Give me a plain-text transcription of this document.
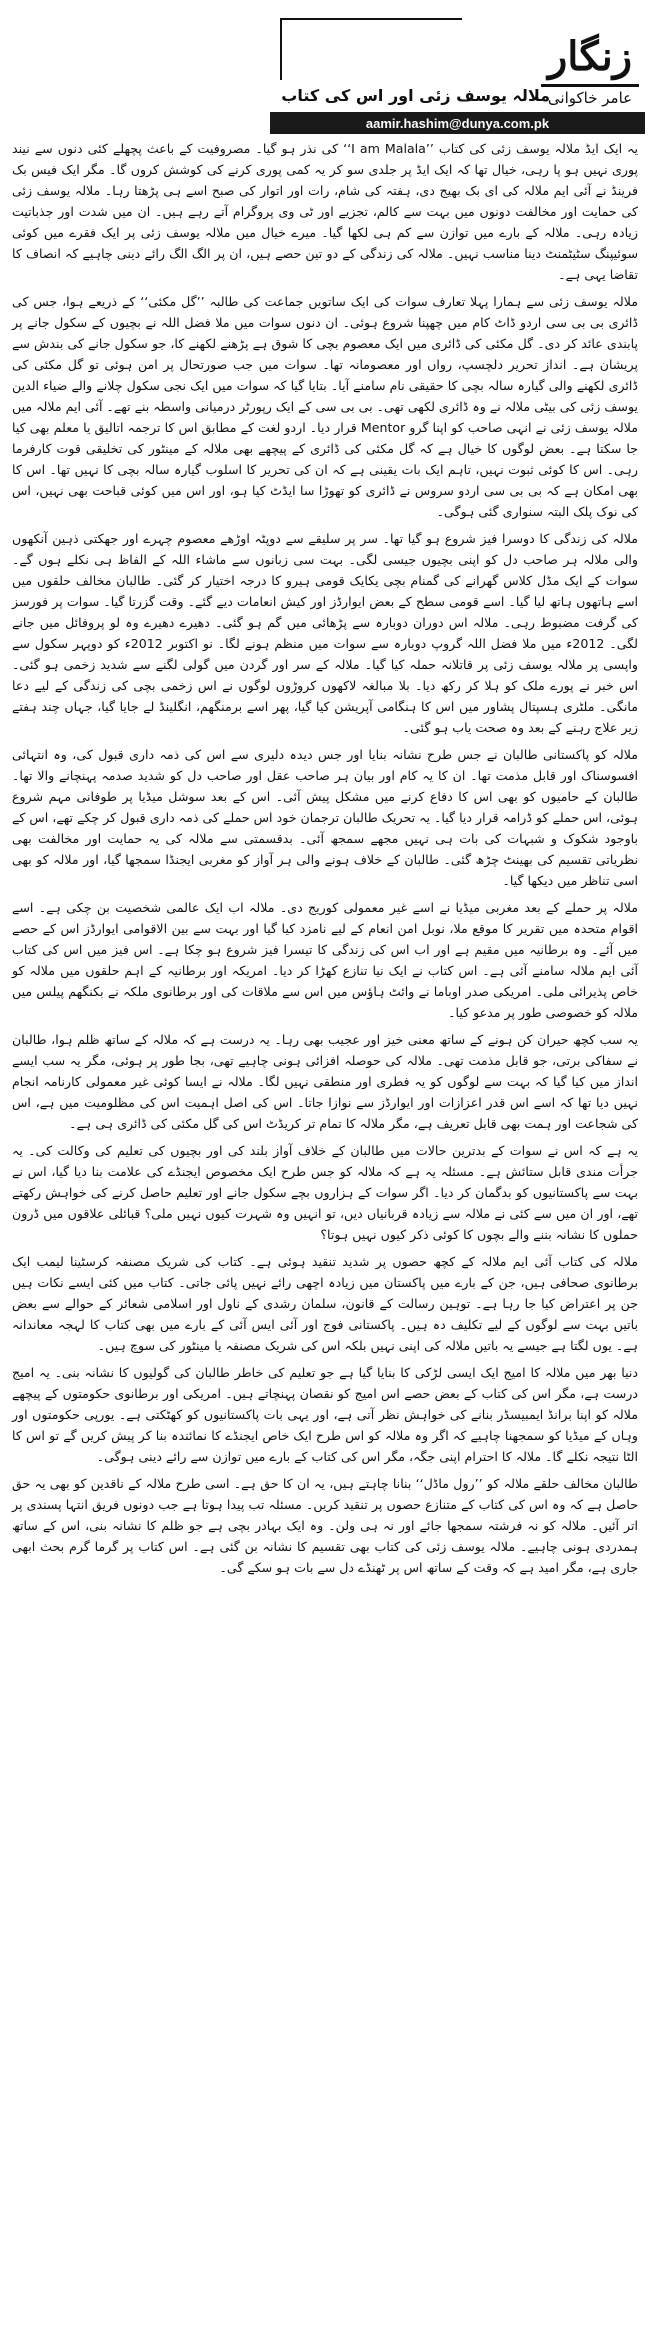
زنگار
عامر خاکوانی
ملالہ یوسف زئی اور اس کی کتاب
aamir.hashim@dunya.com.pk

یہ ایک ایڈ ملالہ یوسف زئی کی کتاب ’’I am Malala‘‘ کی نذر ہو گیا۔ مصروفیت کے باعث پچھلے کئی دنوں سے نیند پوری نہیں ہو پا رہی، خیال تھا کہ ایک ایڈ پر جلدی سو کر یہ کمی پوری کرنے کی کوشش کروں گا۔ مگر ایک فیس بک فرینڈ نے آئی ایم ملالہ کی ای بک بھیج دی، ہفتہ کی شام، رات اور اتوار کی صبح اسے ہی پڑھتا رہا۔ ملالہ یوسف زئی کی حمایت اور مخالفت دونوں میں بہت سے کالم، تجزیے اور ٹی وی پروگرام آتے رہے ہیں۔ ان میں شدت اور جذباتیت زیادہ رہی۔ ملالہ کے بارے میں توازن سے کم ہی لکھا گیا۔ میرے خیال میں ملالہ یوسف زئی پر ایک فقرے میں کوئی سوئیپنگ سٹیٹمنٹ دینا مناسب نہیں۔ ملالہ کی زندگی کے دو تین حصے ہیں، ان پر الگ الگ رائے دینی چاہیے کہ انصاف کا تقاضا یہی ہے۔

ملالہ یوسف زئی سے ہمارا پہلا تعارف سوات کی ایک ساتویں جماعت کی طالبہ ’’گل مکئی‘‘ کے ذریعے ہوا، جس کی ڈائری بی بی سی اردو ڈاٹ کام میں چھپنا شروع ہوئی۔ ان دنوں سوات میں ملا فضل اللہ نے بچیوں کے سکول جانے پر پابندی عائد کر دی۔ گل مکئی کی ڈائری میں ایک معصوم بچی کا شوق ہے پڑھنے لکھنے کا، جو سکول جانے کی بندش سے پریشان ہے۔ انداز تحریر دلچسپ، رواں اور معصومانہ تھا۔ سوات میں جب صورتحال پر امن ہوئی تو گل مکئی کی ڈائری لکھنے والی گیارہ سالہ بچی کا حقیقی نام سامنے آیا۔ بتایا گیا کہ سوات میں ایک نجی سکول چلانے والے ضیاء الدین یوسف زئی کی بیٹی ملالہ نے وہ ڈائری لکھی تھی۔ بی بی سی کے ایک رپورٹر درمیانی واسطہ بنے تھے۔ آئی ایم ملالہ میں ملالہ یوسف زئی نے انہی صاحب کو اپنا گرو Mentor قرار دیا۔ اردو لغت کے مطابق اس کا ترجمہ اتالیق یا معلم بھی کیا جا سکتا ہے۔ بعض لوگوں کا خیال ہے کہ گل مکئی کی ڈائری کے پیچھے بھی ملالہ کے مینٹور کی تخلیقی قوت کارفرما رہی۔ اس کا کوئی ثبوت نہیں، تاہم ایک بات یقینی ہے کہ ان کی تحریر کا اسلوب گیارہ سالہ بچی کا نہیں تھا۔ اس کا بھی امکان ہے کہ بی بی سی اردو سروس نے ڈائری کو تھوڑا سا ایڈٹ کیا ہو، اور اس میں کوئی قباحت بھی نہیں، اس کی نوک پلک البتہ سنواری گئی ہوگی۔

ملالہ کی زندگی کا دوسرا فیز شروع ہو گیا تھا۔ سر پر سلیقے سے دوپٹہ اوڑھے معصوم چہرے اور جھکتی ذہین آنکھوں والی ملالہ ہر صاحب دل کو اپنی بچیوں جیسی لگی۔ بہت سی زبانوں سے ماشاء اللہ کے الفاظ ہی نکلے ہوں گے۔ سوات کے ایک مڈل کلاس گھرانے کی گمنام بچی یکایک قومی ہیرو کا درجہ اختیار کر گئی۔ طالبان مخالف حلقوں میں اسے ہاتھوں ہاتھ لیا گیا۔ اسے قومی سطح کے بعض ایوارڈز اور کیش انعامات دیے گئے۔ وقت گزرتا گیا۔ سوات پر فورسز کی گرفت مضبوط رہی۔ ملالہ اس دوران دوبارہ سے پڑھائی میں گم ہو گئی۔ دھیرے دھیرے وہ لو پروفائل میں جانے لگی۔ 2012ء میں ملا فضل اللہ گروپ دوبارہ سے سوات میں منظم ہونے لگا۔ نو اکتوبر 2012ء کو دوپہر سکول سے واپسی پر ملالہ یوسف زئی پر قاتلانہ حملہ کیا گیا۔ ملالہ کے سر اور گردن میں گولی لگنے سے شدید زخمی ہو گئی۔ اس خبر نے پورے ملک کو ہلا کر رکھ دیا۔ بلا مبالغہ لاکھوں کروڑوں لوگوں نے اس زخمی بچی کی زندگی کے لیے دعا مانگی۔ ملٹری ہسپتال پشاور میں اس کا ہنگامی آپریشن کیا گیا، پھر اسے برمنگھم، انگلینڈ لے جایا گیا، جہاں چند ہفتے زیر علاج رہنے کے بعد وہ صحت یاب ہو گئی۔

ملالہ کو پاکستانی طالبان نے جس طرح نشانہ بنایا اور جس دیدہ دلیری سے اس کی ذمہ داری قبول کی، وہ انتہائی افسوسناک اور قابل مذمت تھا۔ ان کا یہ کام اور بیان ہر صاحب عقل اور صاحب دل کو شدید صدمہ پہنچانے والا تھا۔ طالبان کے حامیوں کو بھی اس کا دفاع کرنے میں مشکل پیش آئی۔ اس کے بعد سوشل میڈیا پر طوفانی مہم شروع ہوئی، اس حملے کو ڈرامہ قرار دیا گیا۔ یہ تحریک طالبان ترجمان خود اس حملے کی ذمہ داری قبول کر چکے تھے، اس کے باوجود شکوک و شبہات کی بات ہی نہیں مجھے سمجھ آئی۔ بدقسمتی سے ملالہ کی یہ حمایت اور مخالفت بھی نظریاتی تقسیم کی بھینٹ چڑھ گئی۔ طالبان کے خلاف ہونے والی ہر آواز کو مغربی ایجنڈا سمجھا گیا، اور ملالہ کو بھی اسی تناظر میں دیکھا گیا۔

ملالہ پر حملے کے بعد مغربی میڈیا نے اسے غیر معمولی کوریج دی۔ ملالہ اب ایک عالمی شخصیت بن چکی ہے۔ اسے اقوام متحدہ میں تقریر کا موقع ملا، نوبل امن انعام کے لیے نامزد کیا گیا اور بہت سے بین الاقوامی ایوارڈز اس کے حصے میں آئے۔ وہ برطانیہ میں مقیم ہے اور اب اس کی زندگی کا تیسرا فیز شروع ہو چکا ہے۔ اس فیز میں اس کی کتاب آئی ایم ملالہ سامنے آئی ہے۔ اس کتاب نے ایک نیا تنازع کھڑا کر دیا۔ امریکہ اور برطانیہ کے اہم حلقوں میں ملالہ کو خاص پذیرائی ملی۔ امریکی صدر اوباما نے وائٹ ہاؤس میں اس سے ملاقات کی اور برطانوی ملکہ نے بکنگھم پیلس میں ملالہ کو خصوصی طور پر مدعو کیا۔

یہ سب کچھ حیران کن ہونے کے ساتھ معنی خیز اور عجیب بھی رہا۔ یہ درست ہے کہ ملالہ کے ساتھ ظلم ہوا، طالبان نے سفاکی برتی، جو قابل مذمت تھی۔ ملالہ کی حوصلہ افزائی ہونی چاہیے تھی، بجا طور پر ہوئی، مگر یہ سب ایسے انداز میں کیا گیا کہ بہت سے لوگوں کو یہ فطری اور منطقی نہیں لگا۔ ملالہ نے ایسا کوئی غیر معمولی کارنامہ انجام نہیں دیا تھا کہ اسے اس قدر اعزازات اور ایوارڈز سے نوازا جاتا۔ اس کی اصل اہمیت اس کی مظلومیت میں ہے، اس کی شجاعت اور ہمت بھی قابل تعریف ہے، مگر ملالہ کا تمام تر کریڈٹ اس کی گل مکئی کی ڈائری ہی ہے۔

یہ ہے کہ اس نے سوات کے بدترین حالات میں طالبان کے خلاف آواز بلند کی اور بچیوں کی تعلیم کی وکالت کی۔ یہ جرأت مندی قابل ستائش ہے۔ مسئلہ یہ ہے کہ ملالہ کو جس طرح ایک مخصوص ایجنڈے کی علامت بنا دیا گیا، اس نے بہت سے پاکستانیوں کو بدگمان کر دیا۔ اگر سوات کے ہزاروں بچے سکول جانے اور تعلیم حاصل کرنے کی خواہش رکھتے تھے، اور ان میں سے کئی نے ملالہ سے زیادہ قربانیاں دیں، تو انہیں وہ شہرت کیوں نہیں ملی؟ قبائلی علاقوں میں ڈرون حملوں کا نشانہ بننے والے بچوں کا کوئی ذکر کیوں نہیں ہوتا؟

ملالہ کی کتاب آئی ایم ملالہ کے کچھ حصوں پر شدید تنقید ہوئی ہے۔ کتاب کی شریک مصنفہ کرسٹینا لیمب ایک برطانوی صحافی ہیں، جن کے بارے میں پاکستان میں زیادہ اچھی رائے نہیں پائی جاتی۔ کتاب میں کئی ایسے نکات ہیں جن پر اعتراض کیا جا رہا ہے۔ توہین رسالت کے قانون، سلمان رشدی کے ناول اور اسلامی شعائر کے حوالے سے بعض باتیں بہت سے لوگوں کے لیے تکلیف دہ ہیں۔ پاکستانی فوج اور آئی ایس آئی کے بارے میں بھی کتاب کا لہجہ معاندانہ ہے۔ یوں لگتا ہے جیسے یہ باتیں ملالہ کی اپنی نہیں بلکہ اس کی شریک مصنفہ یا مینٹور کی سوچ ہیں۔

دنیا بھر میں ملالہ کا امیج ایک ایسی لڑکی کا بنایا گیا ہے جو تعلیم کی خاطر طالبان کی گولیوں کا نشانہ بنی۔ یہ امیج درست ہے، مگر اس کی کتاب کے بعض حصے اس امیج کو نقصان پہنچاتے ہیں۔ امریکی اور برطانوی حکومتوں کے پیچھے ملالہ کو اپنا برانڈ ایمبیسڈر بنانے کی خواہش نظر آتی ہے، اور یہی بات پاکستانیوں کو کھٹکتی ہے۔ یورپی حکومتوں اور وہاں کے میڈیا کو سمجھنا چاہیے کہ اگر وہ ملالہ کو اس طرح ایک خاص ایجنڈے کا نمائندہ بنا کر پیش کریں گے تو اس کا الٹا نتیجہ نکلے گا۔ ملالہ کا احترام اپنی جگہ، مگر اس کی کتاب کے بارے میں توازن سے رائے دینی ہوگی۔

طالبان مخالف حلقے ملالہ کو ’’رول ماڈل‘‘ بنانا چاہتے ہیں، یہ ان کا حق ہے۔ اسی طرح ملالہ کے ناقدین کو بھی یہ حق حاصل ہے کہ وہ اس کی کتاب کے متنازع حصوں پر تنقید کریں۔ مسئلہ تب پیدا ہوتا ہے جب دونوں فریق انتہا پسندی پر اتر آئیں۔ ملالہ کو نہ فرشتہ سمجھا جائے اور نہ ہی ولن۔ وہ ایک بہادر بچی ہے جو ظلم کا نشانہ بنی، اس کے ساتھ ہمدردی ہونی چاہیے۔ ملالہ یوسف زئی کی کتاب بھی تقسیم کا نشانہ بن گئی ہے۔ اس کتاب پر گرما گرم بحث ابھی جاری ہے، مگر امید ہے کہ وقت کے ساتھ اس پر ٹھنڈے دل سے بات ہو سکے گی۔
